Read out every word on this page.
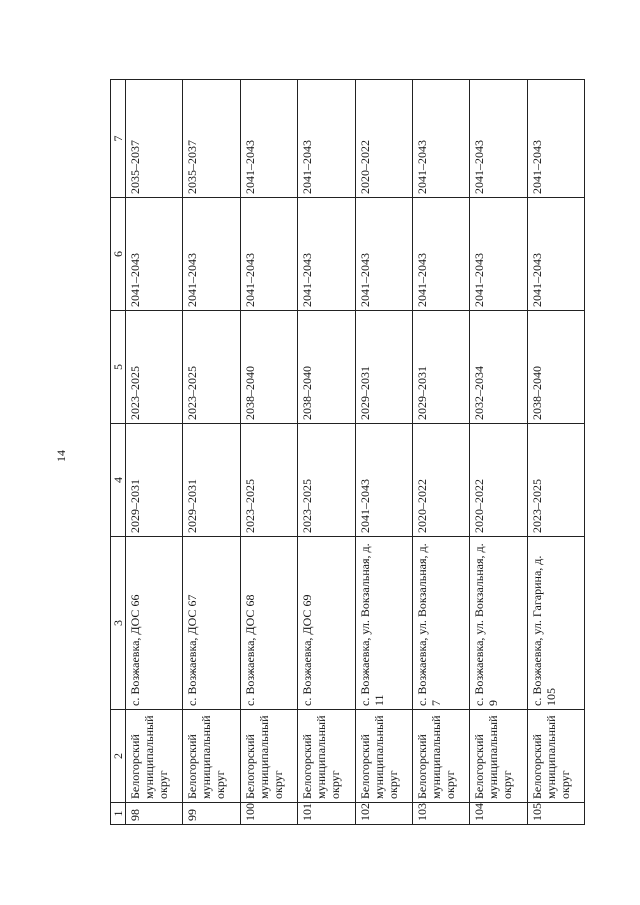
14
1	2	3	4	5	6	7
98	Белогорский муниципальный округ	с. Возжаевка, ДОС 66	2029–2031	2023–2025	2041–2043	2035–2037
99	Белогорский муниципальный округ	с. Возжаевка, ДОС 67	2029–2031	2023–2025	2041–2043	2035–2037
100	Белогорский муниципальный округ	с. Возжаевка, ДОС 68	2023–2025	2038–2040	2041–2043	2041–2043
101	Белогорский муниципальный округ	с. Возжаевка, ДОС 69	2023–2025	2038–2040	2041–2043	2041–2043
102	Белогорский муниципальный округ	с. Возжаевка, ул. Вокзальная, д. 11	2041–2043	2029–2031	2041–2043	2020–2022
103	Белогорский муниципальный округ	с. Возжаевка, ул. Вокзальная, д. 7	2020–2022	2029–2031	2041–2043	2041–2043
104	Белогорский муниципальный округ	с. Возжаевка, ул. Вокзальная, д. 9	2020–2022	2032–2034	2041–2043	2041–2043
105	Белогорский муниципальный округ	с. Возжаевка, ул. Гагарина, д. 105	2023–2025	2038–2040	2041–2043	2041–2043
